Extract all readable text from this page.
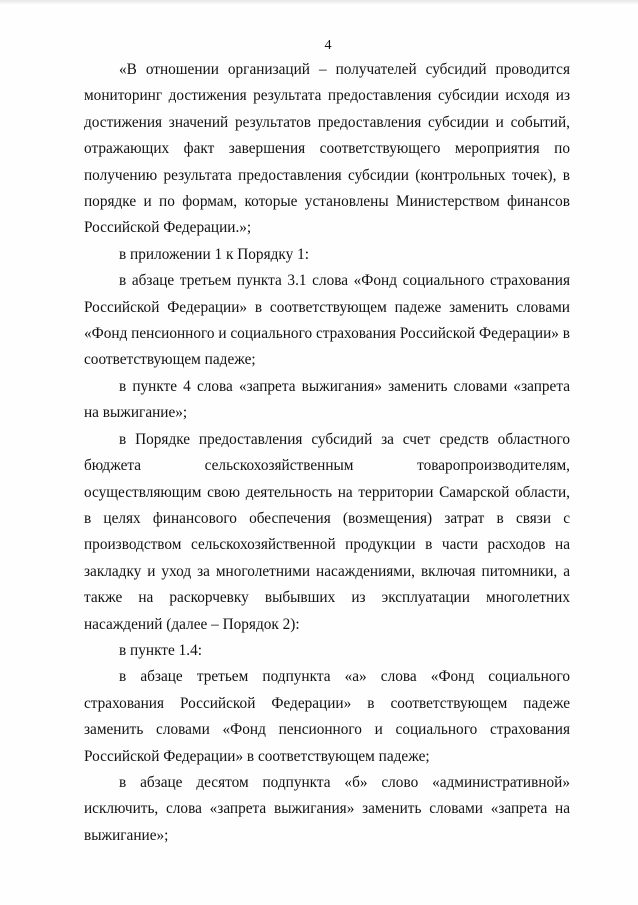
4

«В отношении организаций – получателей субсидий проводится мониторинг достижения результата предоставления субсидии исходя из достижения значений результатов предоставления субсидии и событий, отражающих факт завершения соответствующего мероприятия по получению результата предоставления субсидии (контрольных точек), в порядке и по формам, которые установлены Министерством финансов Российской Федерации.»;

в приложении 1 к Порядку 1:

в абзаце третьем пункта 3.1 слова «Фонд социального страхования Российской Федерации» в соответствующем падеже заменить словами «Фонд пенсионного и социального страхования Российской Федерации» в соответствующем падеже;

в пункте 4 слова «запрета выжигания» заменить словами «запрета на выжигание»;

в Порядке предоставления субсидий за счет средств областного бюджета сельскохозяйственным товаропроизводителям, осуществляющим свою деятельность на территории Самарской области, в целях финансового обеспечения (возмещения) затрат в связи с производством сельскохозяйственной продукции в части расходов на закладку и уход за многолетними насаждениями, включая питомники, а также на раскорчевку выбывших из эксплуатации многолетних насаждений (далее – Порядок 2):

в пункте 1.4:

в абзаце третьем подпункта «а» слова «Фонд социального страхования Российской Федерации» в соответствующем падеже заменить словами «Фонд пенсионного и социального страхования Российской Федерации» в соответствующем падеже;

в абзаце десятом подпункта «б» слово «административной» исключить, слова «запрета выжигания» заменить словами «запрета на выжигание»;
